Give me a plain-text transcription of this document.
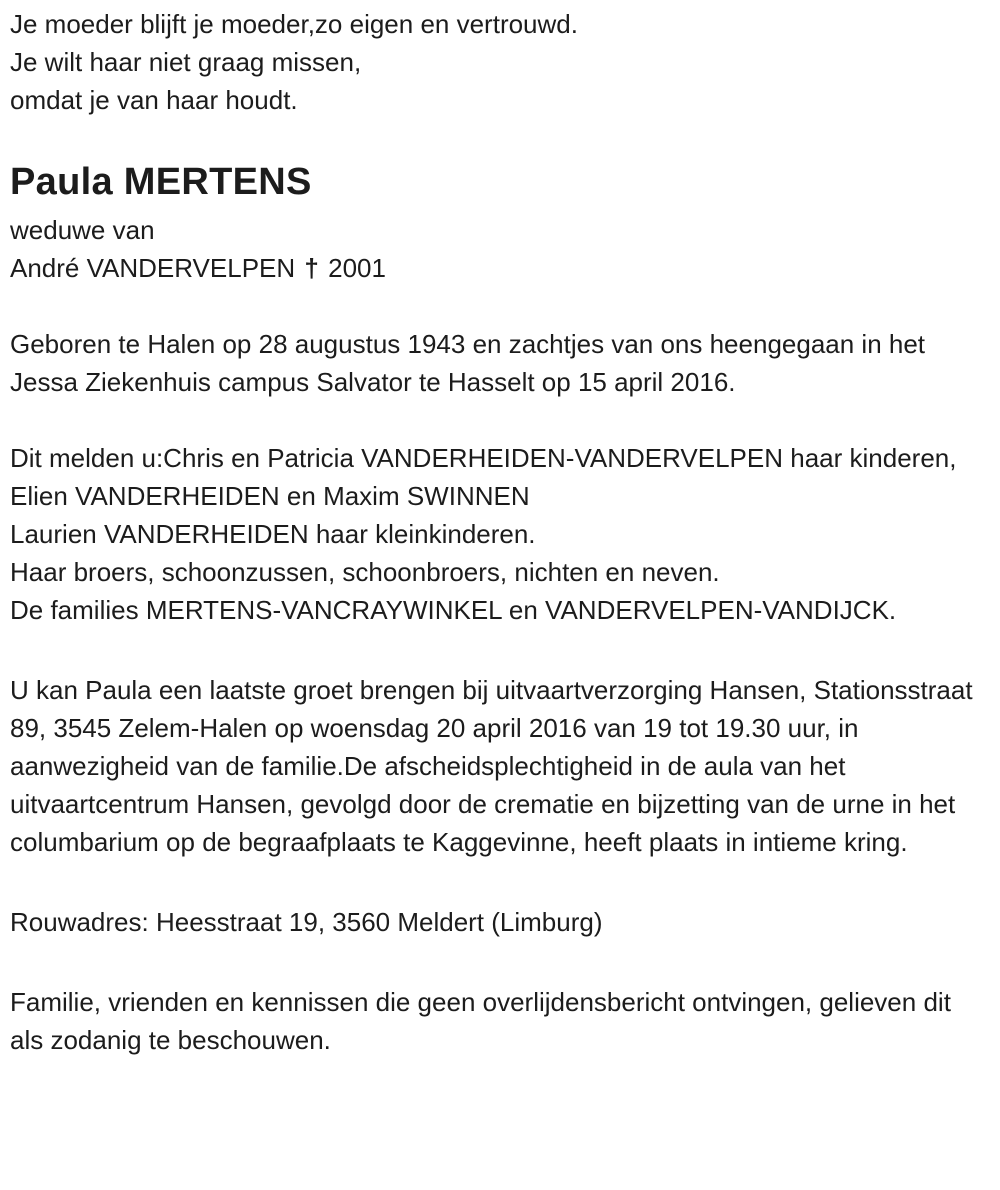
Je moeder blijft je moeder,zo eigen en vertrouwd.

Je wilt haar niet graag missen,

omdat je van haar houdt.

Paula MERTENS

weduwe van

André VANDERVELPEN † 2001

Geboren te Halen op 28 augustus 1943 en zachtjes van ons heengegaan in het Jessa Ziekenhuis campus Salvator te Hasselt op 15 april 2016.

Dit melden u:Chris en Patricia VANDERHEIDEN-VANDERVELPEN haar kinderen,

Elien VANDERHEIDEN en Maxim SWINNEN

Laurien VANDERHEIDEN haar kleinkinderen.

Haar broers, schoonzussen, schoonbroers, nichten en neven.

De families MERTENS-VANCRAYWINKEL en VANDERVELPEN-VANDIJCK.

U kan Paula een laatste groet brengen bij uitvaartverzorging Hansen, Stationsstraat 89, 3545 Zelem-Halen op woensdag 20 april 2016 van 19 tot 19.30 uur, in aanwezigheid van de familie.De afscheidsplechtigheid in de aula van het uitvaartcentrum Hansen, gevolgd door de crematie en bijzetting van de urne in het columbarium op de begraafplaats te Kaggevinne, heeft plaats in intieme kring.

Rouwadres: Heesstraat 19, 3560 Meldert (Limburg)

Familie, vrienden en kennissen die geen overlijdensbericht ontvingen, gelieven dit als zodanig te beschouwen.
